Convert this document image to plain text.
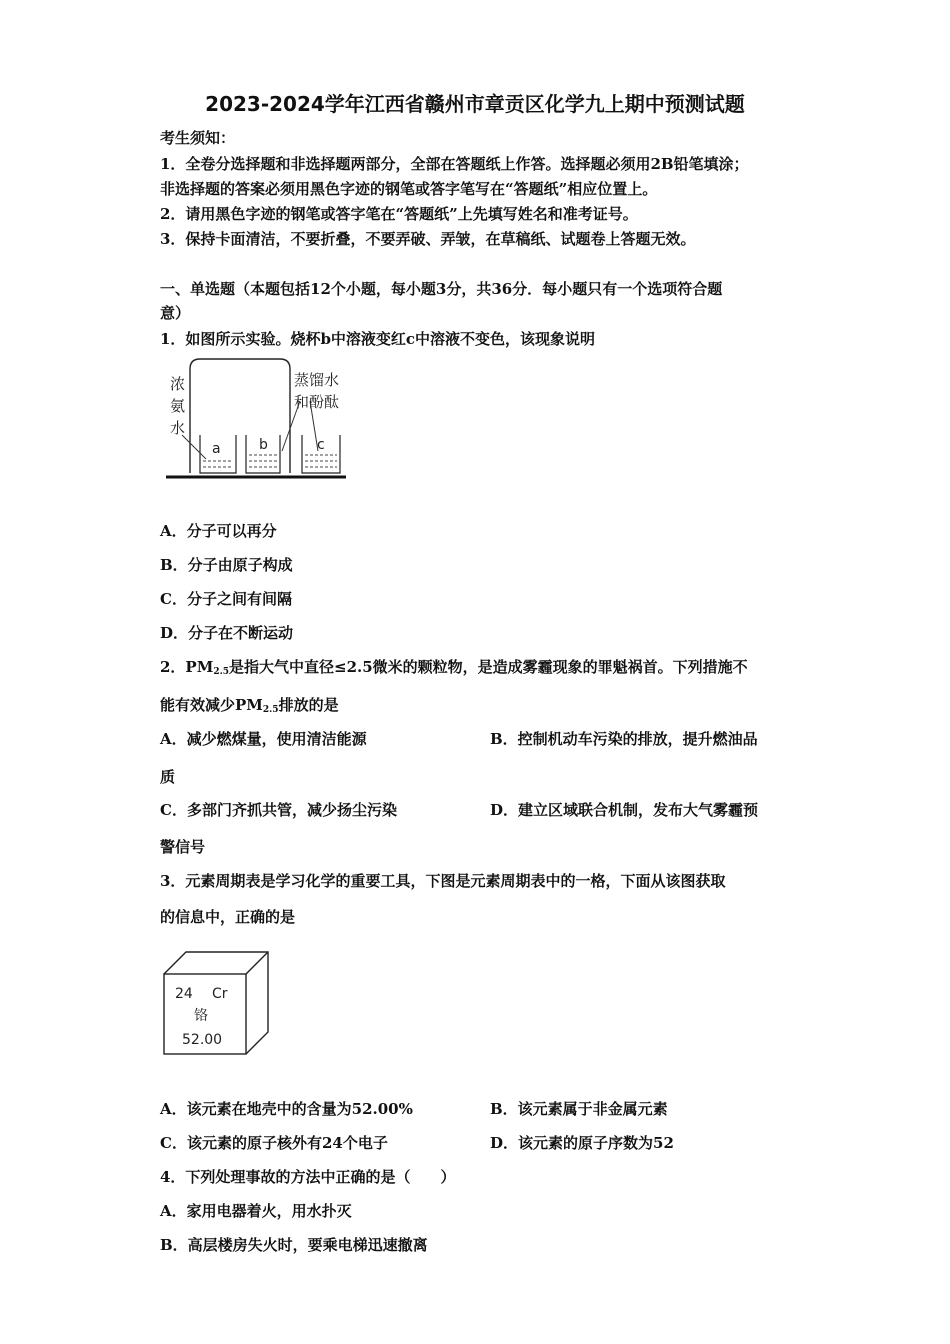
2023-2024学年江西省赣州市章贡区化学九上期中预测试题
考生须知：
1．全卷分选择题和非选择题两部分，全部在答题纸上作答。选择题必须用2B铅笔填涂；
非选择题的答案必须用黑色字迹的钢笔或答字笔写在“答题纸”相应位置上。
2．请用黑色字迹的钢笔或答字笔在“答题纸”上先填写姓名和准考证号。
3．保持卡面清洁，不要折叠，不要弄破、弄皱，在草稿纸、试题卷上答题无效。
一、单选题（本题包括12个小题，每小题3分，共36分．每小题只有一个选项符合题
意）
1．如图所示实验。烧杯b中溶液变红c中溶液不变色，该现象说明
浓
氨
水
蒸馏水
和酚酞
a	b	c
A．分子可以再分
B．分子由原子构成
C．分子之间有间隔
D．分子在不断运动
2．$PM_{2.5}$是指大气中直径≤2.5微米的颗粒物，是造成雾霾现象的罪魁祸首。下列措施不
能有效减少$PM_{2.5}$排放的是
A．减少燃煤量，使用清洁能源	B．控制机动车污染的排放，提升燃油品
质
C．多部门齐抓共管，减少扬尘污染	D．建立区域联合机制，发布大气雾霾预
警信号
3．元素周期表是学习化学的重要工具，下图是元素周期表中的一格，下面从该图获取
的信息中，正确的是
24 Cr
铬
52.00
A．该元素在地壳中的含量为52.00%	B．该元素属于非金属元素
C．该元素的原子核外有24个电子	D．该元素的原子序数为52
4．下列处理事故的方法中正确的是（　　）
A．家用电器着火，用水扑灭
B．高层楼房失火时，要乘电梯迅速撤离
